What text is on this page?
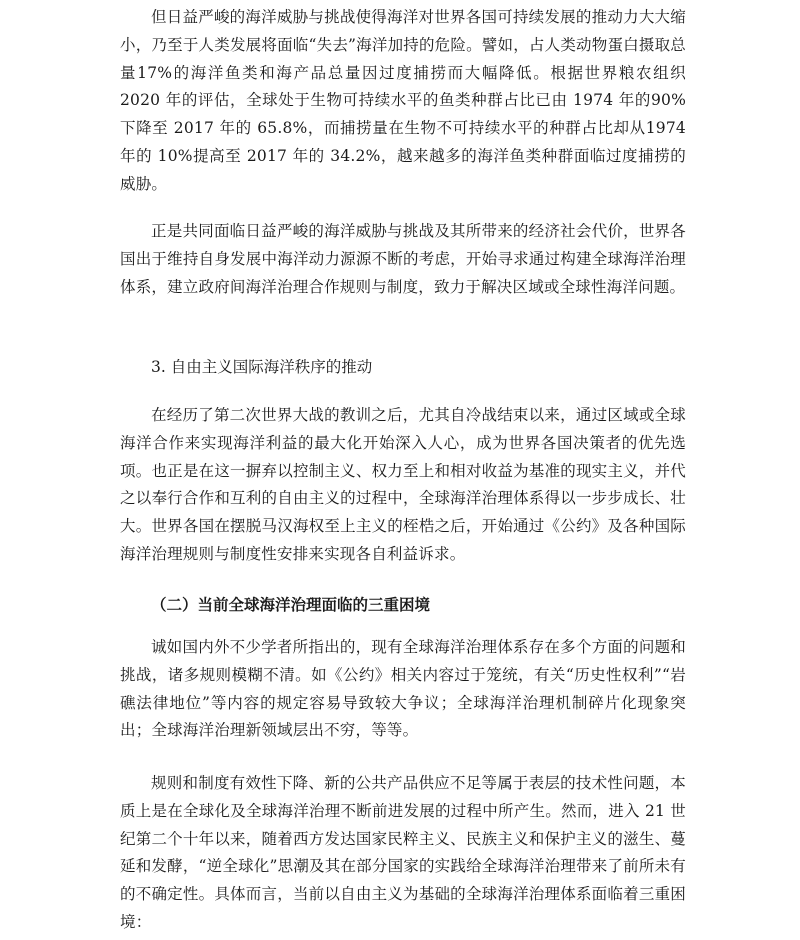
但日益严峻的海洋威胁与挑战使得海洋对世界各国可持续发展的推动力大大缩小，乃至于人类发展将面临“失去”海洋加持的危险。譬如，占人类动物蛋白摄取总量17%的海洋鱼类和海产品总量因过度捕捞而大幅降低。根据世界粮农组织 2020 年的评估，全球处于生物可持续水平的鱼类种群占比已由 1974 年的90%下降至 2017 年的 65.8%，而捕捞量在生物不可持续水平的种群占比却从1974 年的 10%提高至 2017 年的 34.2%，越来越多的海洋鱼类种群面临过度捕捞的威胁。

正是共同面临日益严峻的海洋威胁与挑战及其所带来的经济社会代价，世界各国出于维持自身发展中海洋动力源源不断的考虑，开始寻求通过构建全球海洋治理体系，建立政府间海洋治理合作规则与制度，致力于解决区域或全球性海洋问题。

3. 自由主义国际海洋秩序的推动

在经历了第二次世界大战的教训之后，尤其自冷战结束以来，通过区域或全球海洋合作来实现海洋利益的最大化开始深入人心，成为世界各国决策者的优先选项。也正是在这一摒弃以控制主义、权力至上和相对收益为基准的现实主义，并代之以奉行合作和互利的自由主义的过程中，全球海洋治理体系得以一步步成长、壮大。世界各国在摆脱马汉海权至上主义的桎梏之后，开始通过《公约》及各种国际海洋治理规则与制度性安排来实现各自利益诉求。

（二）当前全球海洋治理面临的三重困境

诚如国内外不少学者所指出的，现有全球海洋治理体系存在多个方面的问题和挑战，诸多规则模糊不清。如《公约》相关内容过于笼统，有关“历史性权利”“岩礁法律地位”等内容的规定容易导致较大争议；全球海洋治理机制碎片化现象突出；全球海洋治理新领域层出不穷，等等。

规则和制度有效性下降、新的公共产品供应不足等属于表层的技术性问题，本质上是在全球化及全球海洋治理不断前进发展的过程中所产生。然而，进入 21 世纪第二个十年以来，随着西方发达国家民粹主义、民族主义和保护主义的滋生、蔓延和发酵，“逆全球化”思潮及其在部分国家的实践给全球海洋治理带来了前所未有的不确定性。具体而言，当前以自由主义为基础的全球海洋治理体系面临着三重困境：
